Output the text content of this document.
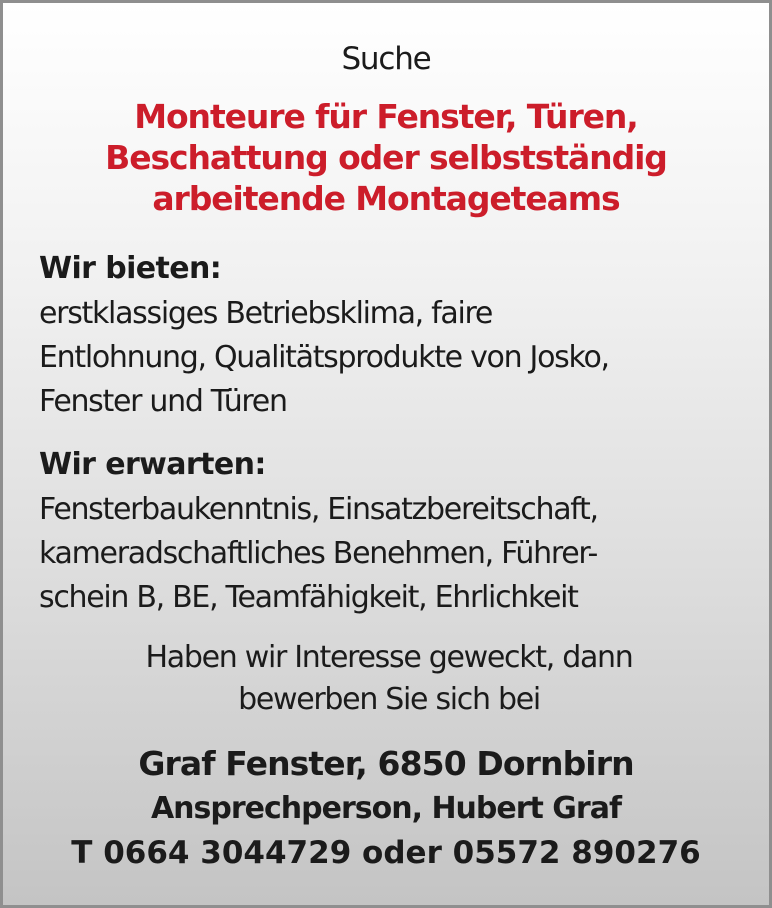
Suche

Monteure für Fenster, Türen,
Beschattung oder selbstständig
arbeitende Montageteams

Wir bieten:

erstklassiges Betriebsklima, faire
Entlohnung, Qualitätsprodukte von Josko,
Fenster und Türen

Wir erwarten:

Fensterbaukenntnis, Einsatzbereitschaft,
kameradschaftliches Benehmen, Führer-
schein B, BE, Teamfähigkeit, Ehrlichkeit
Haben wir Interesse geweckt, dann
bewerben Sie sich bei

Graf Fenster, 6850 Dornbirn

Ansprechperson, Hubert Graf

T 0664 3044729 oder 05572 890276
